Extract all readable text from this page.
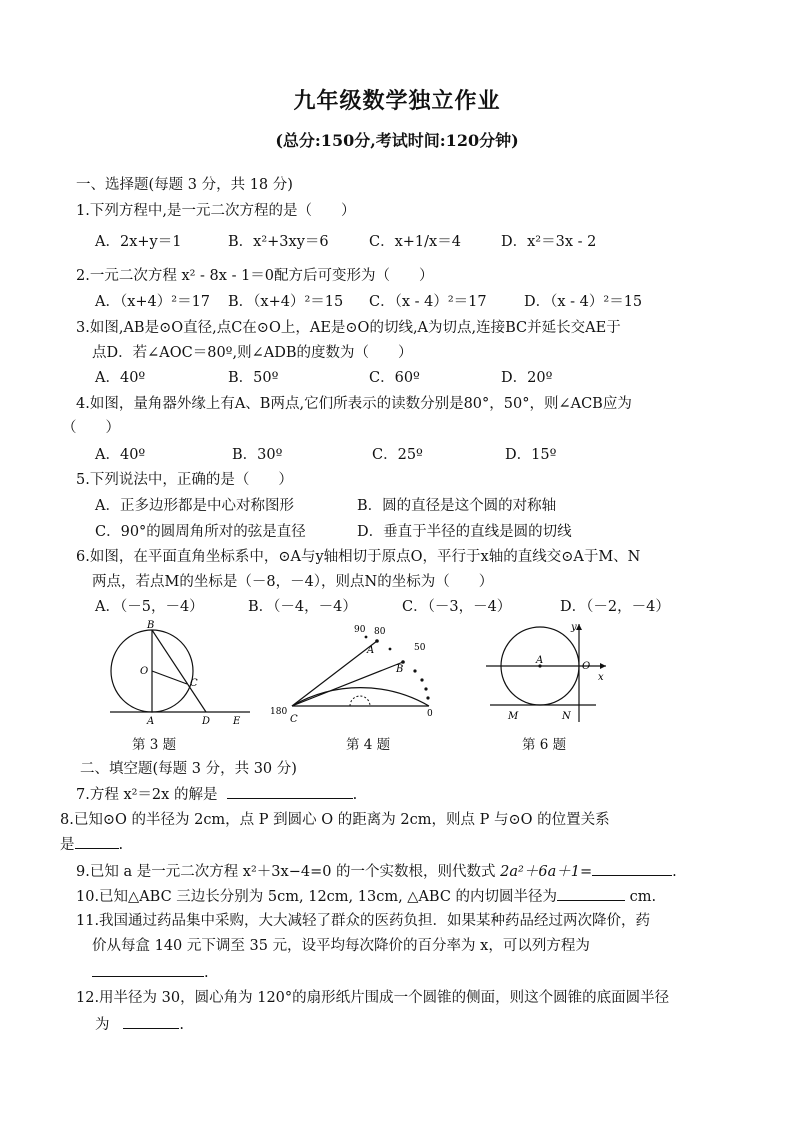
九年级数学独立作业
(总分:150分,考试时间:120分钟)
一、选择题(每题 3 分，共 18 分)
1.下列方程中,是一元二次方程的是（　　）
A．2x+y＝1	B．x²+3xy＝6	C．x+1/x＝4	D．x²＝3x - 2
2.一元二次方程 x² - 8x - 1＝0配方后可变形为（　　）
A．（x+4）²＝17 B．（x+4）²＝15 C．（x - 4）²＝17	D．（x - 4）²＝15
3.如图,AB是⊙O直径,点C在⊙O上，AE是⊙O的切线,A为切点,连接BC并延长交AE于
点D．若∠AOC＝80º,则∠ADB的度数为（　　）
A．40º	B．50º	C．60º	D．20º
4.如图，量角器外缘上有A、B两点,它们所表示的读数分别是80°，50°，则∠ACB应为
（　　）
A．40º	B．30º	C．25º	D．15º
5.下列说法中，正确的是（　　）
A．正多边形都是中心对称图形	B．圆的直径是这个圆的对称轴
C．90°的圆周角所对的弦是直径	D．垂直于半径的直线是圆的切线
6.如图，在平面直角坐标系中，⊙A与y轴相切于原点O，平行于x轴的直线交⊙A于M、N
两点，若点M的坐标是（－8，－4），则点N的坐标为（　　）
A．（－5，－4）	B．（－4，－4）	C．（－3，－4）	D．（－2，－4）
B
O
C
A	D E
第 3 题
90 80
A	50
B
180
C	0
第 4 题
y
A
O
x
M	N
第 6 题
二、填空题(每题 3 分，共 30 分)
7.方程 x²＝2x 的解是	.
8.已知⊙O 的半径为 2cm，点 P 到圆心 O 的距离为 2cm，则点 P 与⊙O 的位置关系
是	.
9.已知 a 是一元二次方程 x²＋3x−4=0 的一个实数根，则代数式 2a²＋6a＋1=	.
10.已知△ABC 三边长分别为 5cm, 12cm, 13cm, △ABC 的内切圆半径为	cm.
11.我国通过药品集中采购，大大减轻了群众的医药负担．如果某种药品经过两次降价，药
价从每盒 140 元下调至 35 元，设平均每次降价的百分率为 x，可以列方程为
.
12.用半径为 30，圆心角为 120°的扇形纸片围成一个圆锥的侧面，则这个圆锥的底面圆半径
为	.
